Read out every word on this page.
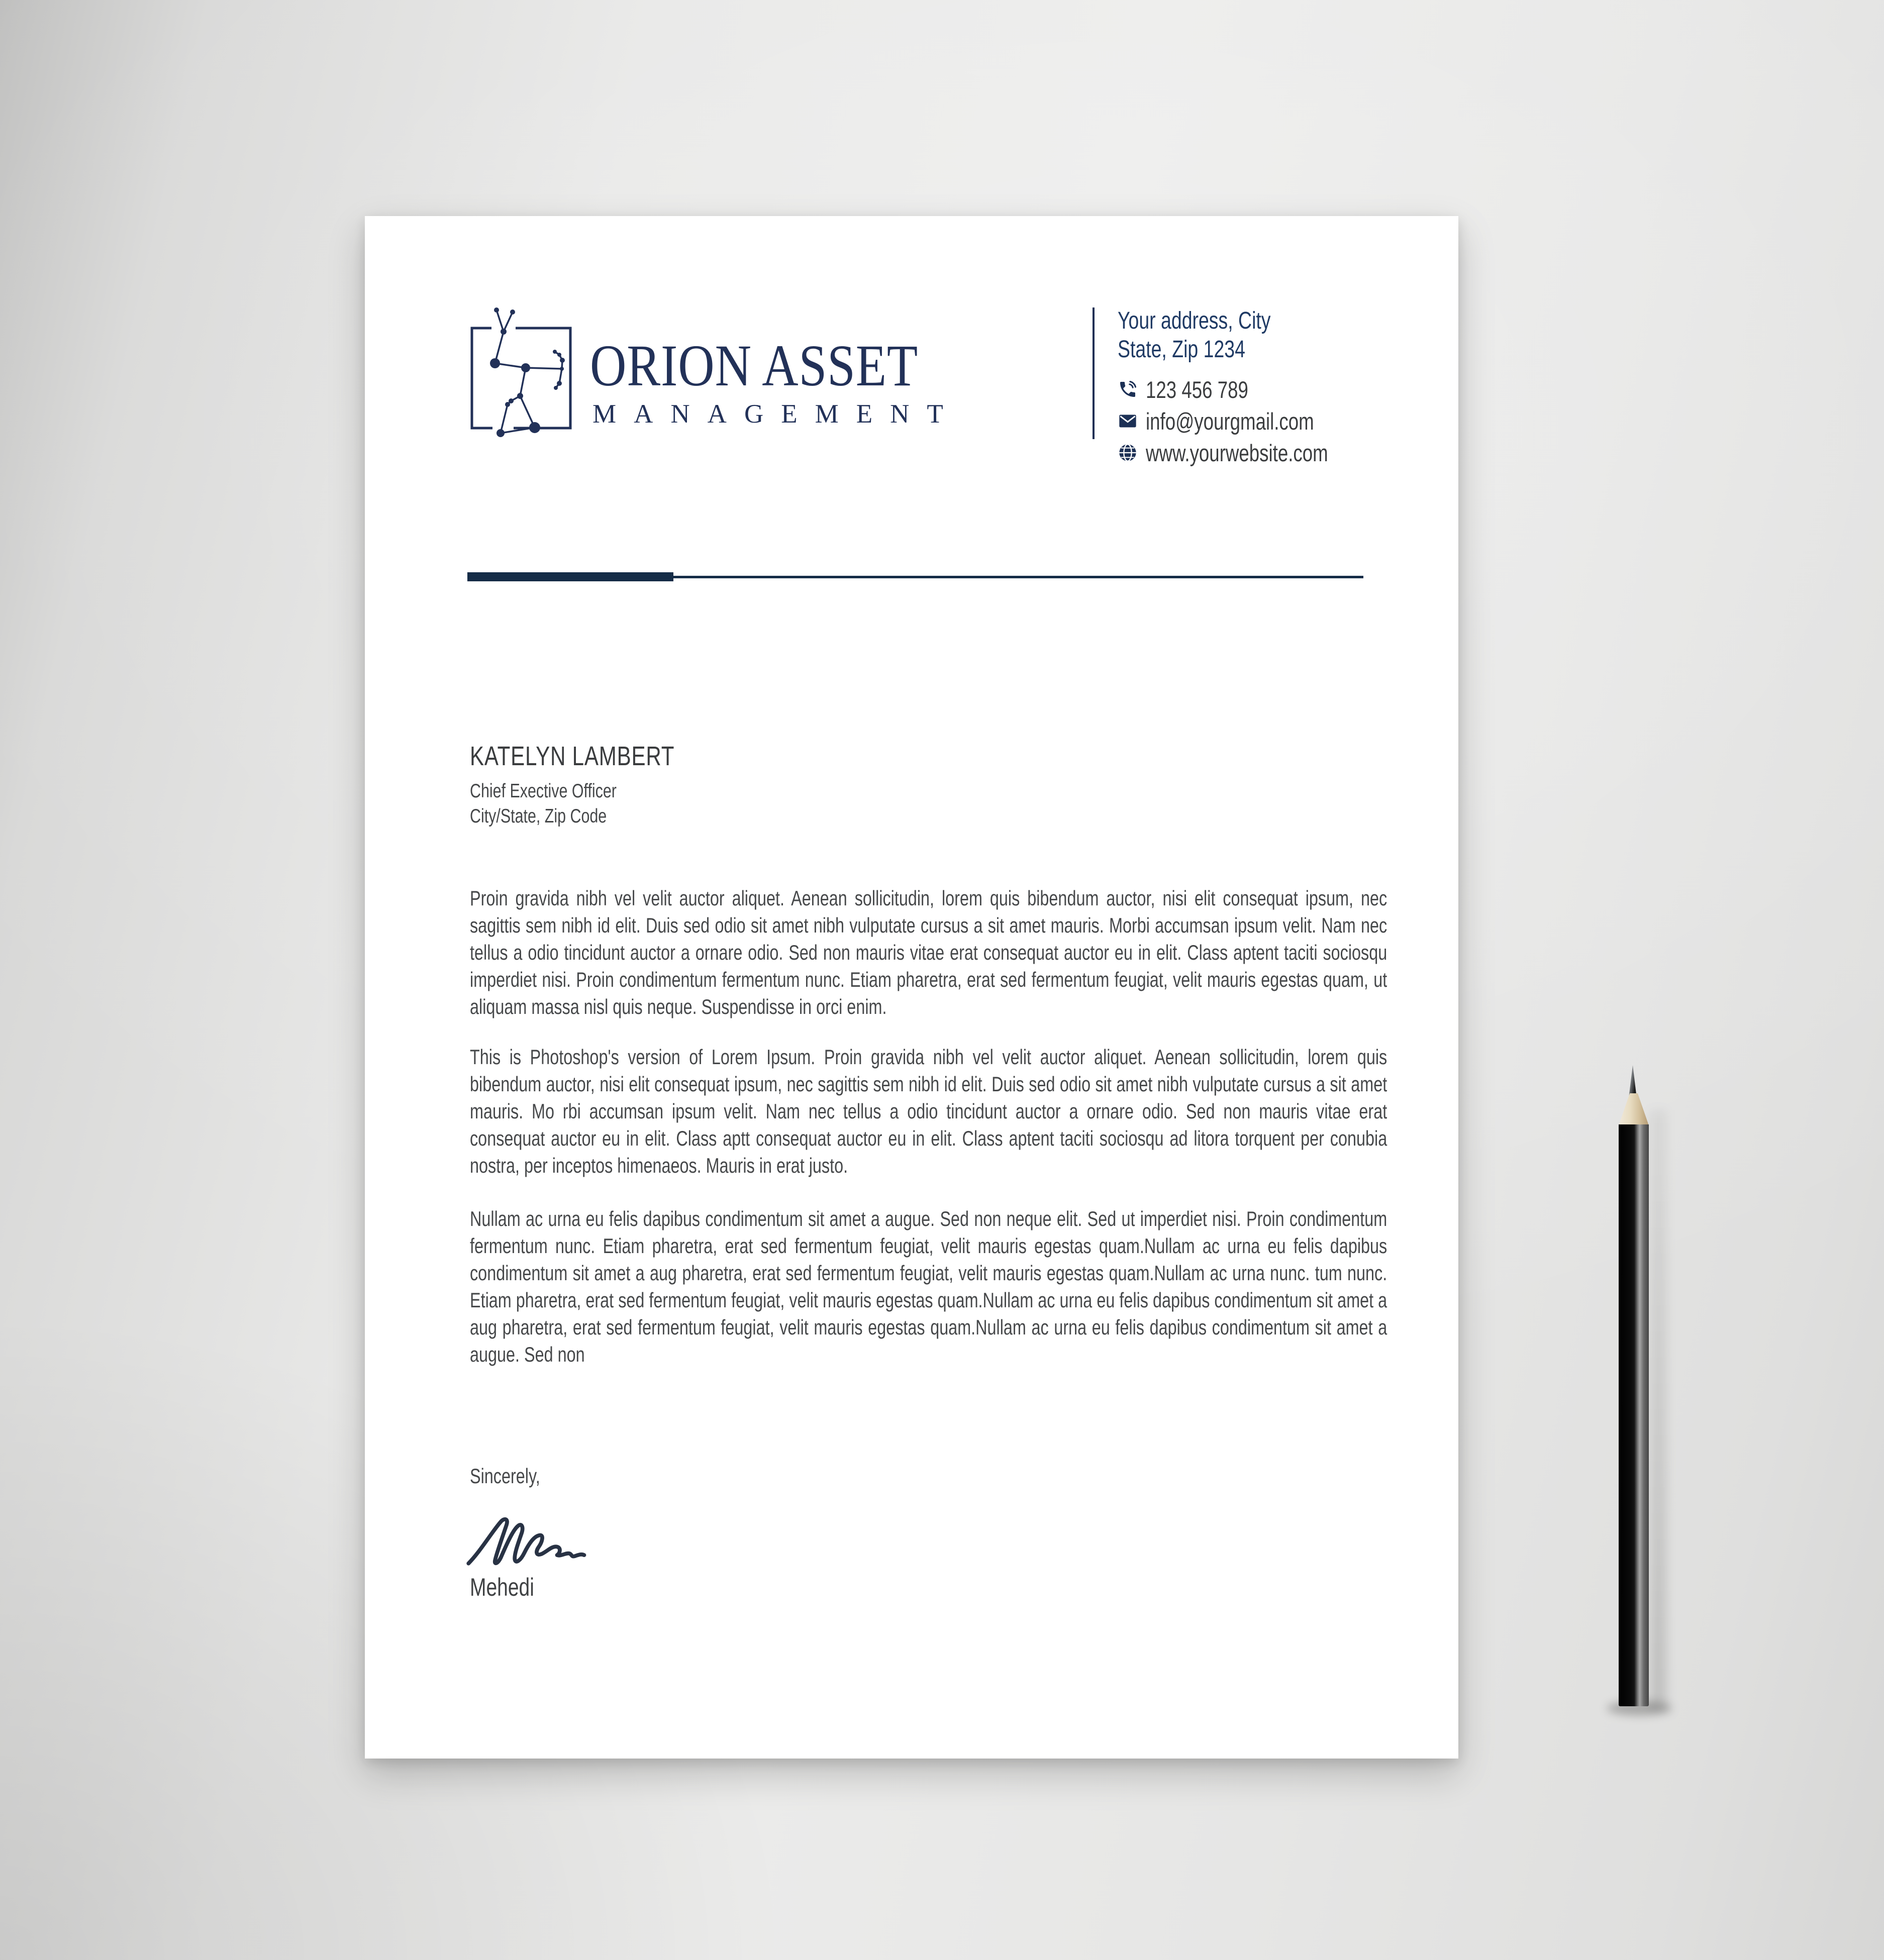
ORION ASSET
MANAGEMENT
Your address, City
State, Zip 1234
123 456 789
info@yourgmail.com
www.yourwebsite.com
KATELYN LAMBERT
Chief Exective Officer
City/State, Zip Code

Proin gravida nibh vel velit auctor aliquet. Aenean sollicitudin, lorem quis bibendum auctor, nisi elit consequat ipsum, nec sagittis sem nibh id elit. Duis sed odio sit amet nibh vulputate cursus a sit amet mauris. Morbi accumsan ipsum velit. Nam nec tellus a odio tincidunt auctor a ornare odio. Sed non mauris vitae erat consequat auctor eu in elit. Class aptent taciti sociosqu imperdiet nisi. Proin condimentum fermentum nunc. Etiam pharetra, erat sed fermentum feugiat, velit mauris egestas quam, ut aliquam massa nisl quis neque. Suspendisse in orci enim.

This is Photoshop's version of Lorem Ipsum. Proin gravida nibh vel velit auctor aliquet. Aenean sollicitudin, lorem quis bibendum auctor, nisi elit consequat ipsum, nec sagittis sem nibh id elit. Duis sed odio sit amet nibh vulputate cursus a sit amet mauris. Mo rbi accumsan ipsum velit. Nam nec tellus a odio tincidunt auctor a ornare odio. Sed non mauris vitae erat consequat auctor eu in elit. Class aptt consequat auctor eu in elit. Class aptent taciti sociosqu ad litora torquent per conubia nostra, per inceptos himenaeos. Mauris in erat justo.

Nullam ac urna eu felis dapibus condimentum sit amet a augue. Sed non neque elit. Sed ut imperdiet nisi. Proin condimentum fermentum nunc. Etiam pharetra, erat sed fermentum feugiat, velit mauris egestas quam.Nullam ac urna eu felis dapibus condimentum sit amet a aug pharetra, erat sed fermentum feugiat, velit mauris egestas quam.Nullam ac urna nunc. tum nunc. Etiam pharetra, erat sed fermentum feugiat, velit mauris egestas quam.Nullam ac urna eu felis dapibus condimentum sit amet a aug pharetra, erat sed fermentum feugiat, velit mauris egestas quam.Nullam ac urna eu felis dapibus condimentum sit amet a augue. Sed non

Sincerely,
Mehedi
